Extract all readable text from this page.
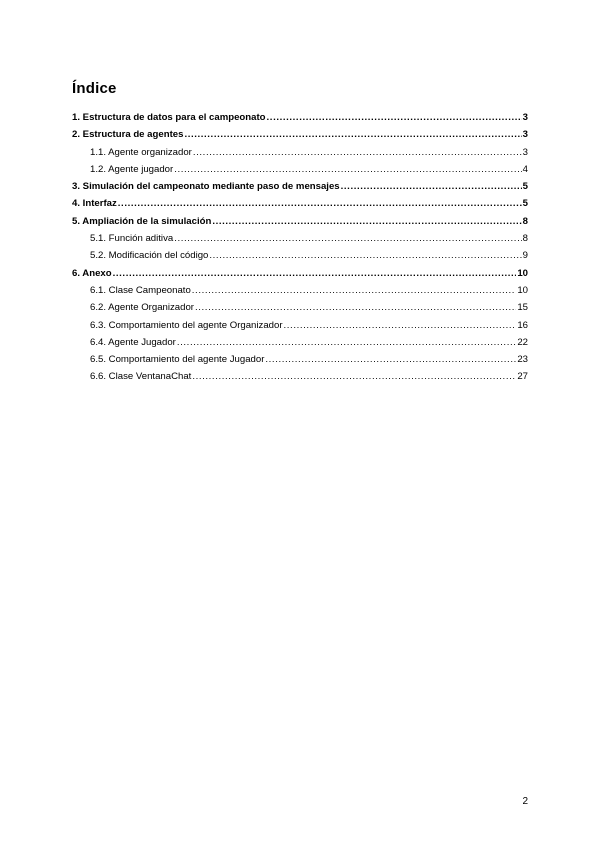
Índice
1. Estructura de datos para el campeonato .....	3
2. Estructura de agentes .....	3
1.1. Agente organizador .....	3
1.2. Agente jugador .....	4
3. Simulación del campeonato mediante paso de mensajes .....	5
4. Interfaz .....	5
5. Ampliación de la simulación .....	8
5.1. Función aditiva .....	8
5.2. Modificación del código .....	9
6. Anexo .....	10
6.1. Clase Campeonato .....	10
6.2. Agente Organizador .....	15
6.3. Comportamiento del agente Organizador .....	16
6.4. Agente Jugador .....	22
6.5. Comportamiento del agente Jugador .....	23
6.6. Clase VentanaChat .....	27
2
